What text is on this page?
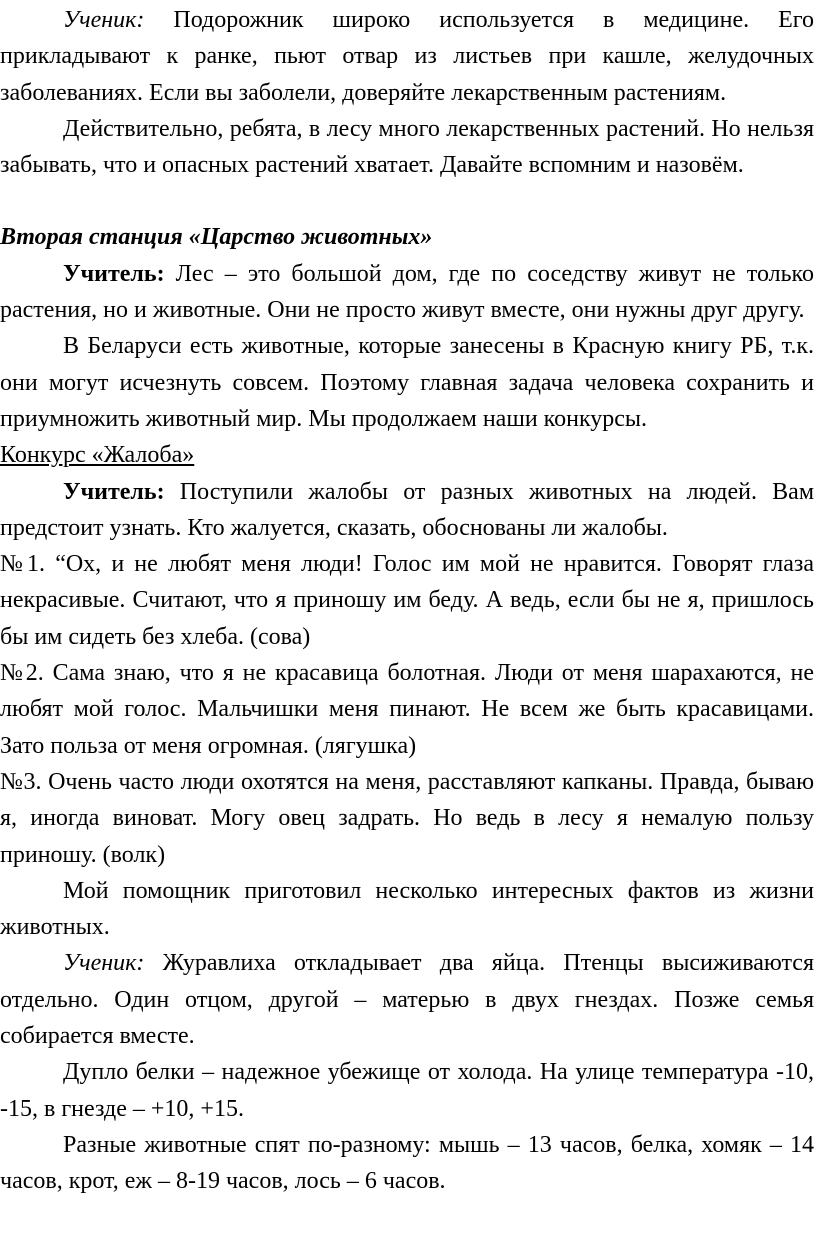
Ученик: Подорожник широко используется в медицине. Его прикладывают к ранке, пьют отвар из листьев при кашле, желудочных заболеваниях. Если вы заболели, доверяйте лекарственным растениям.

Действительно, ребята, в лесу много лекарственных растений. Но нельзя забывать, что и опасных растений хватает. Давайте вспомним и назовём.

Вторая станция «Царство животных»

Учитель: Лес – это большой дом, где по соседству живут не только растения, но и животные. Они не просто живут вместе, они нужны друг другу.

В Беларуси есть животные, которые занесены в Красную книгу РБ, т.к. они могут исчезнуть совсем. Поэтому главная задача человека сохранить и приумножить животный мир. Мы продолжаем наши конкурсы.

Конкурс «Жалоба»

Учитель: Поступили жалобы от разных животных на людей. Вам предстоит узнать. Кто жалуется, сказать, обоснованы ли жалобы.

№1. “Ох, и не любят меня люди! Голос им мой не нравится. Говорят глаза некрасивые. Считают, что я приношу им беду. А ведь, если бы не я, пришлось бы им сидеть без хлеба. (сова)

№2. Сама знаю, что я не красавица болотная. Люди от меня шарахаются, не любят мой голос. Мальчишки меня пинают. Не всем же быть красавицами. Зато польза от меня огромная. (лягушка)

№3. Очень часто люди охотятся на меня, расставляют капканы. Правда, бываю я, иногда виноват. Могу овец задрать. Но ведь в лесу я немалую пользу приношу. (волк)

Мой помощник приготовил несколько интересных фактов из жизни животных.

Ученик: Журавлиха откладывает два яйца. Птенцы высиживаются отдельно. Один отцом, другой – матерью в двух гнездах. Позже семья собирается вместе.

Дупло белки – надежное убежище от холода. На улице температура -10, -15, в гнезде – +10, +15.

Разные животные спят по-разному: мышь – 13 часов, белка, хомяк – 14 часов, крот, еж – 8-19 часов, лось – 6 часов.
